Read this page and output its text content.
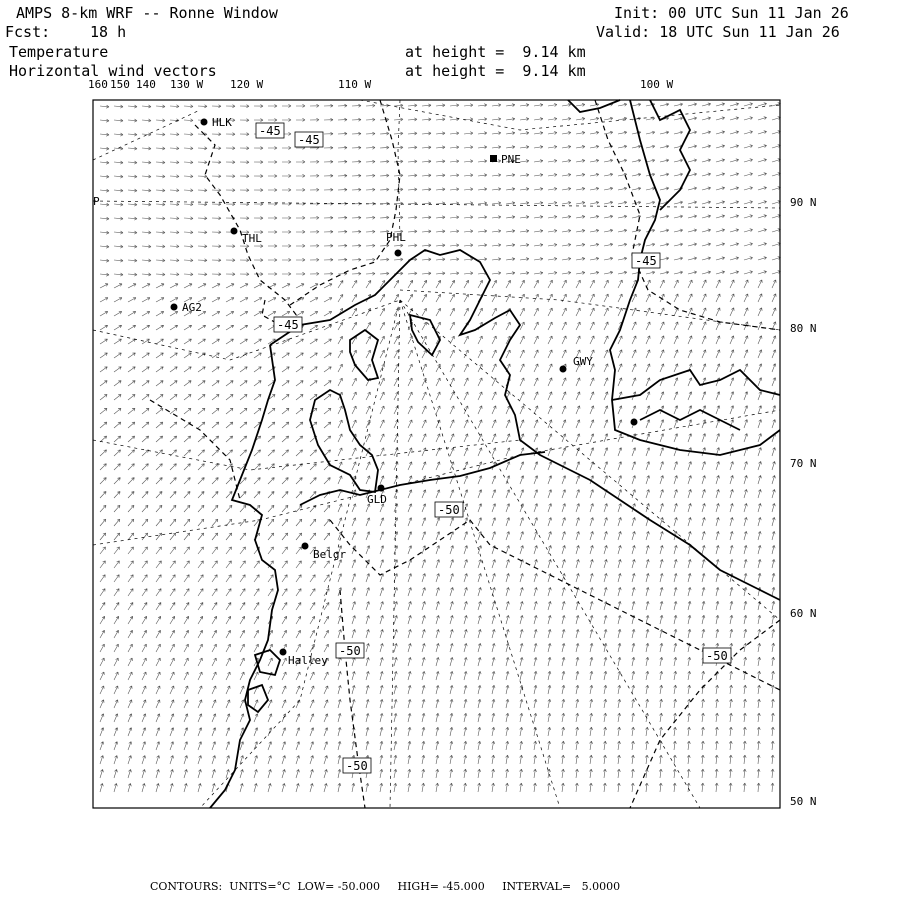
AMPS 8-km WRF -- Ronne Window
Fcst:	18 h
Temperature
Horizontal wind vectors
at height =  9.14 km
at height =  9.14 km
Init: 00 UTC Sun 11 Jan 26
Valid: 18 UTC Sun 11 Jan 26
160 150 140 130 W 120 W	110 W	100 W
90 N
80 N
70 N
60 N
50 N
HLK
THL
AG2
PHL
PNE
GWY
GLD
Belgr
Halley
-45
-45
-45
-45
-50
-50	-50
-50
P
CONTOURS:  UNITS=°C  LOW= -50.000     HIGH= -45.000     INTERVAL=   5.0000
